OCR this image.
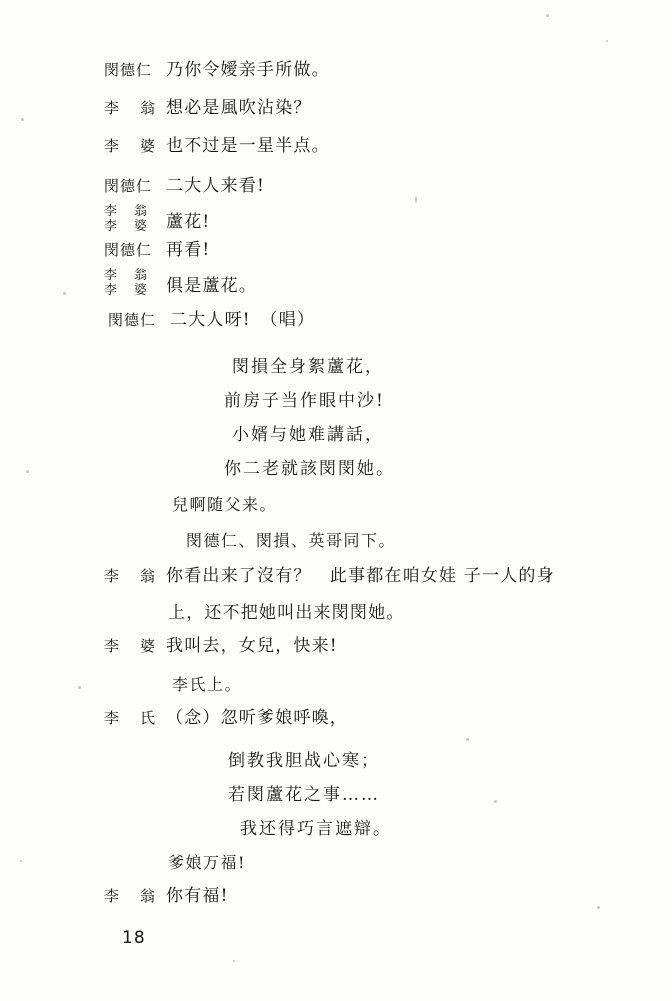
閔德仁 乃你令嬡亲手所做。
李　翁 想必是風吹沾染？
李　婆 也不过是一星半点。
閔德仁 二大人来看!
李　翁
李　婆 蘆花!
閔德仁 再看!
李　翁
李　婆 俱是蘆花。
閔德仁 二大人呀!　（唱）
閔損全身絮蘆花，
前房子当作眼中沙!
小婿与她难講話，
你二老就該閔閔她。
兒啊随父来。
閔德仁、閔損、英哥同下。
李　翁 你看出来了沒有？　此事都在咱女娃 子一人的身
上，还不把她叫出来閔閔她。
李　婆 我叫去，女兒，快来!
李氏上。
李　氏 （念）忽听爹娘呼喚，
倒教我胆战心寒；
若閔蘆花之事……
我还得巧言遮辯。
爹娘万福!
李　翁 你有福!
18
